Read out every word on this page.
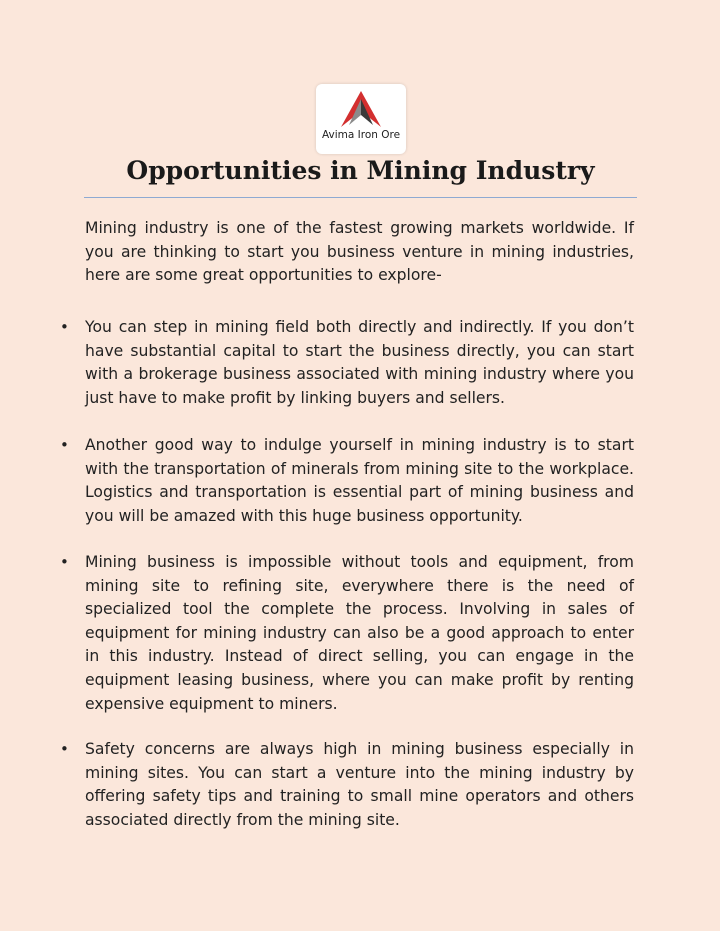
Avima Iron Ore
Opportunities in Mining Industry

Mining industry is one of the fastest growing markets worldwide. If you are thinking to start you business venture in mining industries, here are some great opportunities to explore-

• You can step in mining field both directly and indirectly. If you don’t have substantial capital to start the business directly, you can start with a brokerage business associated with mining industry where you just have to make profit by linking buyers and sellers.

• Another good way to indulge yourself in mining industry is to start with the transportation of minerals from mining site to the workplace. Logistics and transportation is essential part of mining business and you will be amazed with this huge business opportunity.

• Mining business is impossible without tools and equipment, from mining site to refining site, everywhere there is the need of specialized tool the complete the process. Involving in sales of equipment for mining industry can also be a good approach to enter in this industry. Instead of direct selling, you can engage in the equipment leasing business, where you can make profit by renting expensive equipment to miners.

• Safety concerns are always high in mining business especially in mining sites. You can start a venture into the mining industry by offering safety tips and training to small mine operators and others associated directly from the mining site.
